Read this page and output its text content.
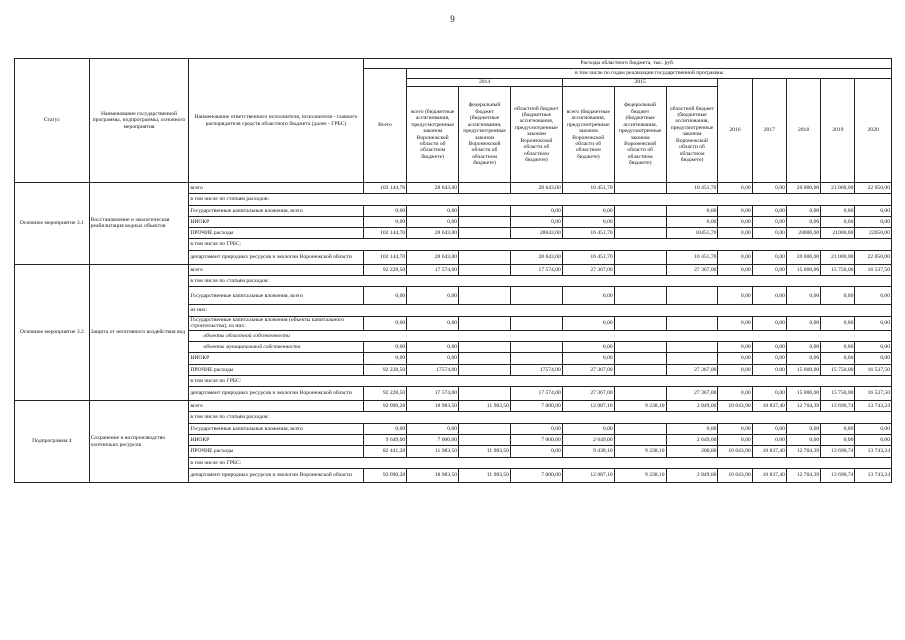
9
Статус	Наименование государственной программы, подпрограммы, основного мероприятия	Наименование ответственного исполнителя, исполнителя - главного распорядителя средств областного бюджета (далее - ГРБС)	Расходы областного бюджета, тыс. руб.											
			Всего	в том числе по годам реализации государственной программы										
				2014			2015			2016	2017	2018	2019	2020
				всего (бюджетные ассигнования, предусмотренные законом Воронежской области об областном бюджете)	федеральный бюджет (бюджетные ассигнования, предусмотренные законом Воронежской области об областном бюджете)	областной бюджет (бюджетные ассигнования, предусмотренные законом Воронежской области об областном бюджете)	всего (бюджетные ассигнования, предусмотренные законом Воронежской области об областном бюджете)	федеральный бюджет (бюджетные ассигнования, предусмотренные законом Воронежской области об областном бюджете)	областной бюджет (бюджетные ассигнования, предусмотренные законом Воронежской области об областном бюджете)					
Основное мероприятие 3.1	Восстановление и экологическая реабилитация водных объектов	всего	102 144,70	28 643,00		28 643,00	10 451,70		10 451,70	0,00	0,00	20 000,00	21 000,00	22 050,00
		в том числе по статьям расходов:												
		Государственные капитальные вложения, всего	0,00	0,00		0,00	0,00		0,00	0,00	0,00	0,00	0,00	0,00
		НИОКР	0,00	0,00		0,00	0,00		0,00	0,00	0,00	0,00	0,00	0,00
		ПРОЧИЕ расходы	102 144,70	28 643,00		28643,00	10 451,70		10451,70	0,00	0,00	20000,00	21000,00	22050,00
		в том числе по ГРБС:												
		департамент природных ресурсов и экологии Воронежской области	102 144,70	28 643,00		28 643,00	10 451,70		10 451,70	0,00	0,00	20 000,00	21 000,00	22 050,00
Основное мероприятие 3.2	Защита от негативного воздействия вод	всего	92 228,50	17 574,00		17 574,00	27 367,00		27 367,00	0,00	0,00	15 000,00	15 750,00	16 537,50
		в том числе по статьям расходов:												
		Государственные капитальные вложения, всего	0,00	0,00			0,00			0,00	0,00	0,00	0,00	0,00
		из них:												
		Государственные капитальные вложения (объекты капитального строительства), из них:	0,00	0,00			0,00			0,00	0,00	0,00	0,00	0,00
		объекты областной собственности												
		объекты муниципальной собственности	0,00	0,00			0,00			0,00	0,00	0,00	0,00	0,00
		НИОКР	0,00	0,00			0,00			0,00	0,00	0,00	0,00	0,00
		ПРОЧИЕ расходы	92 228,50	17574,00		17574,00	27 367,00		27 367,00	0,00	0,00	15 000,00	15 750,00	16 537,50
		в том числе по ГРБС:												
		департамент природных ресурсов и экологии Воронежской области	92 228,50	17 574,00		17 574,00	27 367,00		27 367,00	0,00	0,00	15 000,00	15 750,00	16 537,50
Подпрограмма 4	Сохранение и воспроизводство охотничьих ресурсов	всего	92 090,28	18 983,50	11 983,50	7 000,00	12 087,10	9 238,10	2 849,00	10 043,90	10 837,40	12 704,39	13 690,74	13 743,24
		в том числе по статьям расходов:												
		Государственные капитальные вложения, всего	0,00	0,00		0,00	0,00		0,00	0,00	0,00	0,00	0,00	0,00
		НИОКР	9 649,00	7 000,00		7 000,00	2 649,00		2 649,00	0,00	0,00	0,00	0,00	0,00
		ПРОЧИЕ расходы	82 441,28	11 983,50	11 983,50	0,00	9 438,10	9 238,10	200,00	10 043,90	10 837,40	12 704,39	13 690,74	13 743,24
		в том числе по ГРБС:												
		департамент природных ресурсов и экологии Воронежской области	92 090,28	18 983,50	11 983,50	7 000,00	12 087,10	9 238,10	2 849,00	10 043,90	10 837,40	12 704,39	13 690,74	13 743,24
